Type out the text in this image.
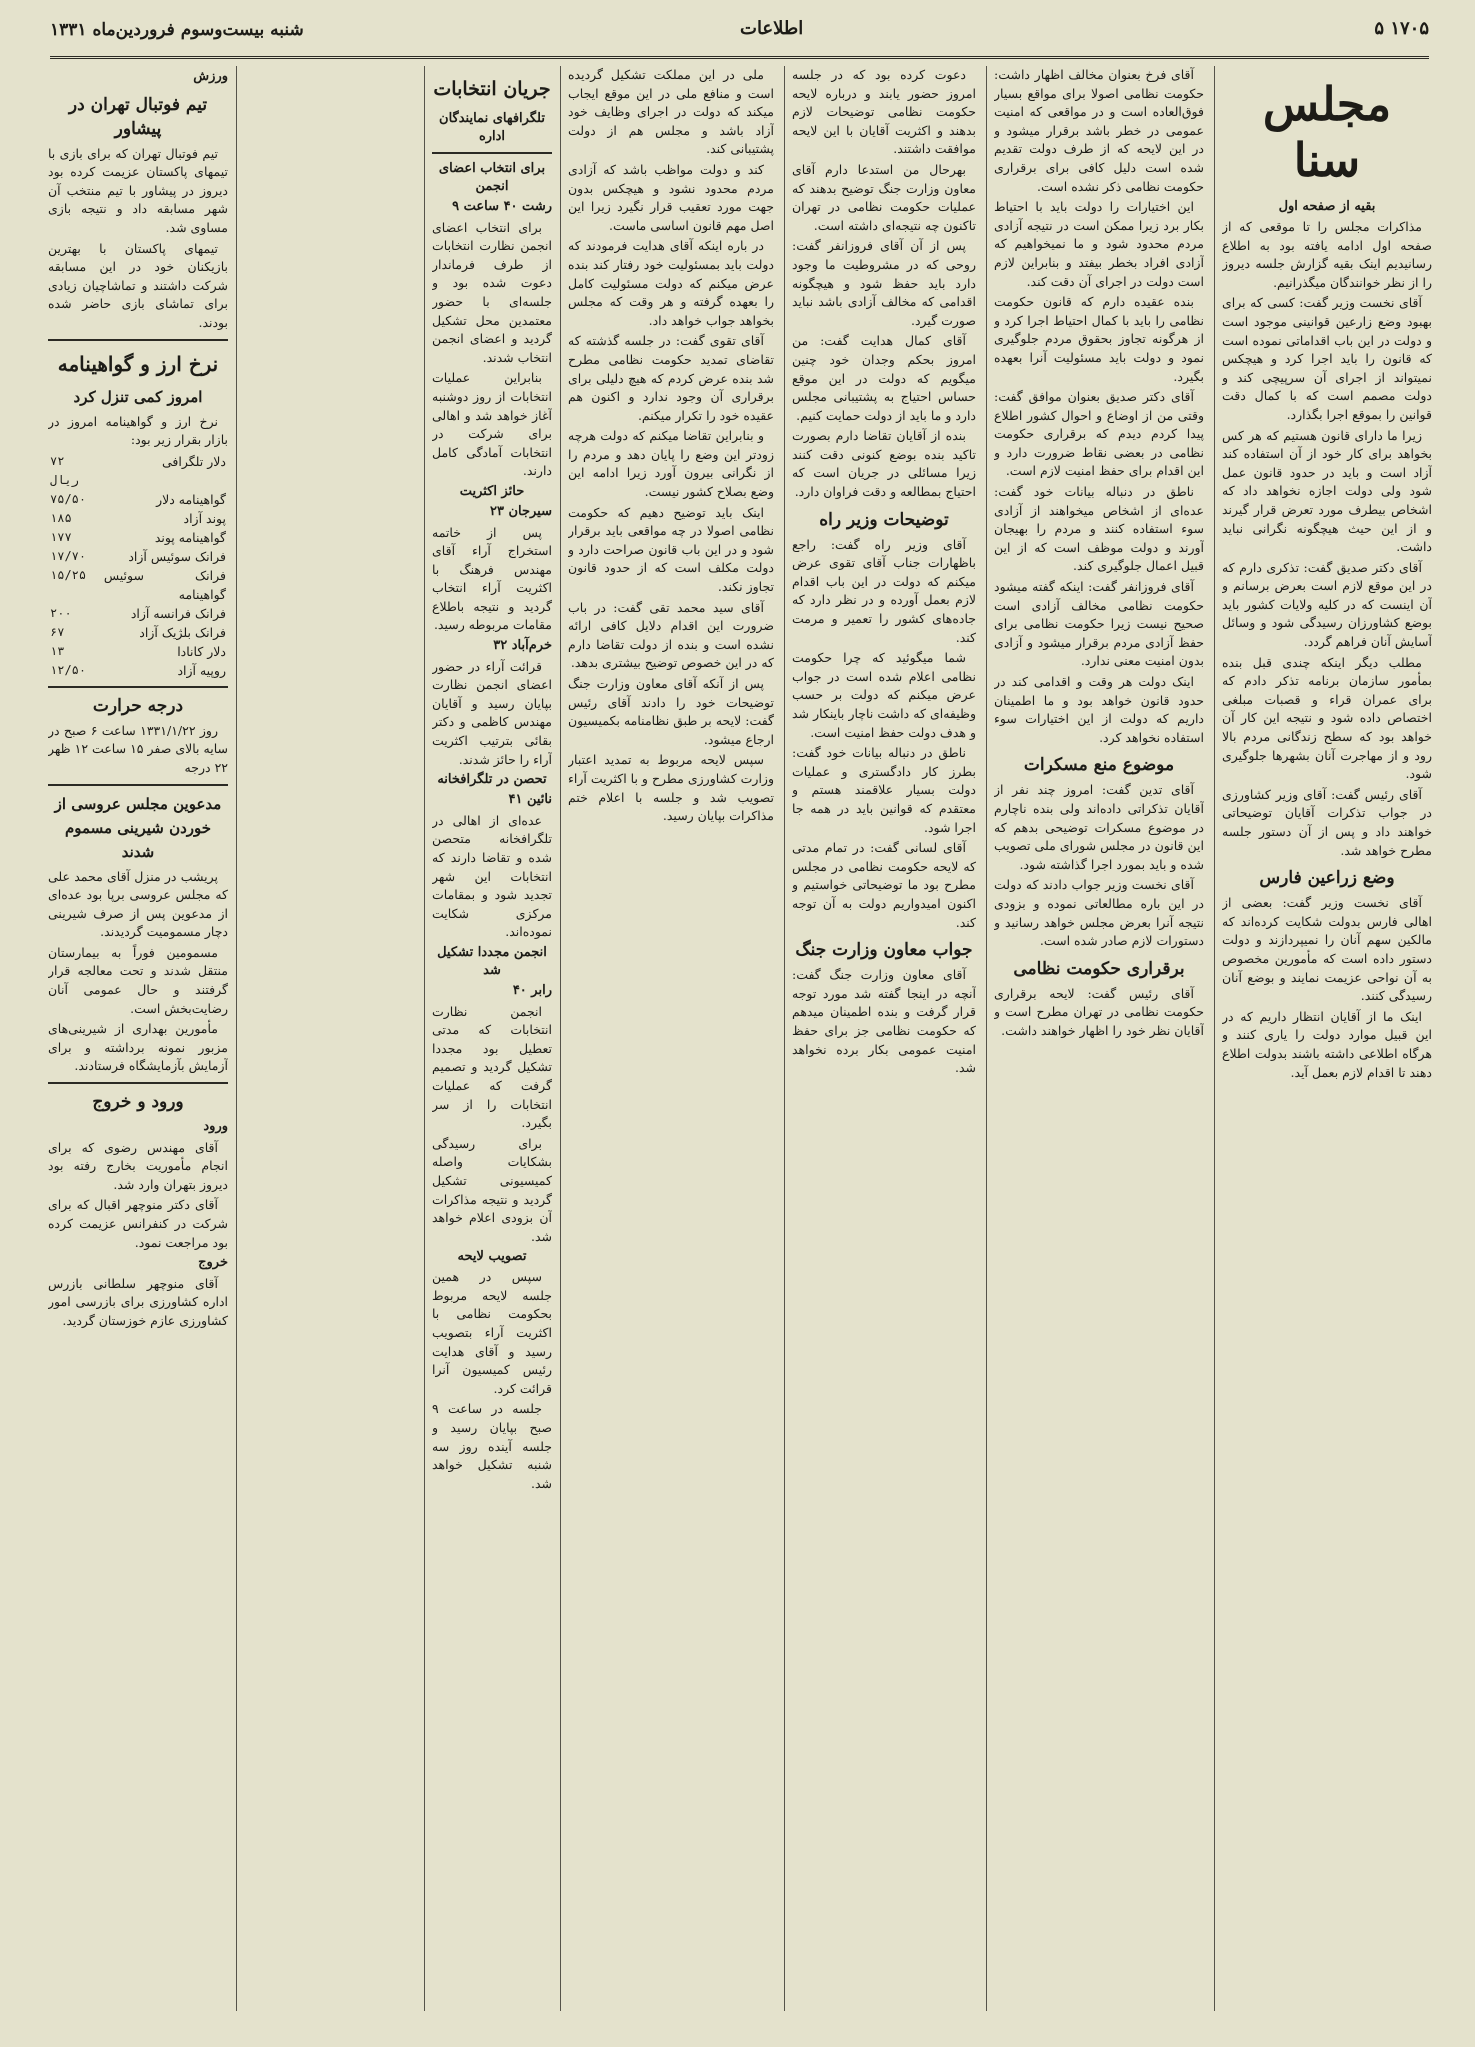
شنبه بیست‌وسوم فروردین‌ماه ۱۳۳۱	اطلاعات	۵ ۱۷۰۵
مجلس سنا
بقیه از صفحه اول

مذاکرات مجلس را تا موقعی که از صفحه اول ادامه یافته بود به اطلاع رسانیدیم اینک بقیه گزارش جلسه دیروز را از نظر خوانندگان میگذرانیم.

آقای نخست وزیر گفت: کسی که برای بهبود وضع زارعین قوانینی موجود است و دولت در این باب اقداماتی نموده است که قانون را باید اجرا کرد و هیچکس نمیتواند از اجرای آن سرپیچی کند و دولت مصمم است که با کمال دقت قوانین را بموقع اجرا بگذارد.

زیرا ما دارای قانون هستیم که هر کس بخواهد برای کار خود از آن استفاده کند آزاد است و باید در حدود قانون عمل شود ولی دولت اجازه نخواهد داد که اشخاص بیطرف مورد تعرض قرار گیرند و از این حیث هیچگونه نگرانی نباید داشت.

آقای دکتر صدیق گفت: تذکری دارم که در این موقع لازم است بعرض برسانم و آن اینست که در کلیه ولایات کشور باید بوضع کشاورزان رسیدگی شود و وسائل آسایش آنان فراهم گردد.

مطلب دیگر اینکه چندی قبل بنده بمأمور سازمان برنامه تذکر دادم که برای عمران قراء و قصبات مبلغی اختصاص داده شود و نتیجه این کار آن خواهد بود که سطح زندگانی مردم بالا رود و از مهاجرت آنان بشهرها جلوگیری شود.

آقای رئیس گفت: آقای وزیر کشاورزی در جواب تذکرات آقایان توضیحاتی خواهند داد و پس از آن دستور جلسه مطرح خواهد شد.

وضع زراعین فارس

آقای نخست وزیر گفت: بعضی از اهالی فارس بدولت شکایت کرده‌اند که مالکین سهم آنان را نمیپردازند و دولت دستور داده است که مأمورین مخصوص به آن نواحی عزیمت نمایند و بوضع آنان رسیدگی کنند.

اینک ما از آقایان انتظار داریم که در این قبیل موارد دولت را یاری کنند و هرگاه اطلاعی داشته باشند بدولت اطلاع دهند تا اقدام لازم بعمل آید.

آقای فرخ بعنوان مخالف اظهار داشت: حکومت نظامی اصولا برای مواقع بسیار فوق‌العاده است و در مواقعی که امنیت عمومی در خطر باشد برقرار میشود و در این لایحه که از طرف دولت تقدیم شده است دلیل کافی برای برقراری حکومت نظامی ذکر نشده است.

این اختیارات را دولت باید با احتیاط بکار برد زیرا ممکن است در نتیجه آزادی مردم محدود شود و ما نمیخواهیم که آزادی افراد بخطر بیفتد و بنابراین لازم است دولت در اجرای آن دقت کند.

بنده عقیده دارم که قانون حکومت نظامی را باید با کمال احتیاط اجرا کرد و از هرگونه تجاوز بحقوق مردم جلوگیری نمود و دولت باید مسئولیت آنرا بعهده بگیرد.

آقای دکتر صدیق بعنوان موافق گفت: وقتی من از اوضاع و احوال کشور اطلاع پیدا کردم دیدم که برقراری حکومت نظامی در بعضی نقاط ضرورت دارد و این اقدام برای حفظ امنیت لازم است.

ناطق در دنباله بیانات خود گفت: عده‌ای از اشخاص میخواهند از آزادی سوء استفاده کنند و مردم را بهیجان آورند و دولت موظف است که از این قبیل اعمال جلوگیری کند.

آقای فروزانفر گفت: اینکه گفته میشود حکومت نظامی مخالف آزادی است صحیح نیست زیرا حکومت نظامی برای حفظ آزادی مردم برقرار میشود و آزادی بدون امنیت معنی ندارد.

اینک دولت هر وقت و اقدامی کند در حدود قانون خواهد بود و ما اطمینان داریم که دولت از این اختیارات سوء استفاده نخواهد کرد.

موضوع منع مسکرات

آقای تدین گفت: امروز چند نفر از آقایان تذکراتی داده‌اند ولی بنده ناچارم در موضوع مسکرات توضیحی بدهم که این قانون در مجلس شورای ملی تصویب شده و باید بمورد اجرا گذاشته شود.

آقای نخست وزیر جواب دادند که دولت در این باره مطالعاتی نموده و بزودی نتیجه آنرا بعرض مجلس خواهد رسانید و دستورات لازم صادر شده است.

برقراری حکومت نظامی

آقای رئیس گفت: لایحه برقراری حکومت نظامی در تهران مطرح است و آقایان نظر خود را اظهار خواهند داشت.

دعوت کرده بود که در جلسه امروز حضور یابند و درباره لایحه حکومت نظامی توضیحات لازم بدهند و اکثریت آقایان با این لایحه موافقت داشتند.

بهرحال من استدعا دارم آقای معاون وزارت جنگ توضیح بدهند که عملیات حکومت نظامی در تهران تاکنون چه نتیجه‌ای داشته است.

پس از آن آقای فروزانفر گفت: روحی که در مشروطیت ما وجود دارد باید حفظ شود و هیچگونه اقدامی که مخالف آزادی باشد نباید صورت گیرد.

آقای کمال هدایت گفت: من امروز بحکم وجدان خود چنین میگویم که دولت در این موقع حساس احتیاج به پشتیبانی مجلس دارد و ما باید از دولت حمایت کنیم.

بنده از آقایان تقاضا دارم بصورت تاکید بنده بوضع کنونی دقت کنند زیرا مسائلی در جریان است که احتیاج بمطالعه و دقت فراوان دارد.

توضیحات وزیر راه

آقای وزیر راه گفت: راجع باظهارات جناب آقای تقوی عرض میکنم که دولت در این باب اقدام لازم بعمل آورده و در نظر دارد که جاده‌های کشور را تعمیر و مرمت کند.

شما میگوئید که چرا حکومت نظامی اعلام شده است در جواب عرض میکنم که دولت بر حسب وظیفه‌ای که داشت ناچار باینکار شد و هدف دولت حفظ امنیت است.

ناطق در دنباله بیانات خود گفت: بطرز کار دادگستری و عملیات دولت بسیار علاقمند هستم و معتقدم که قوانین باید در همه جا اجرا شود.

آقای لسانی گفت: در تمام مدتی که لایحه حکومت نظامی در مجلس مطرح بود ما توضیحاتی خواستیم و اکنون امیدواریم دولت به آن توجه کند.

جواب معاون وزارت جنگ

آقای معاون وزارت جنگ گفت: آنچه در اینجا گفته شد مورد توجه قرار گرفت و بنده اطمینان میدهم که حکومت نظامی جز برای حفظ امنیت عمومی بکار برده نخواهد شد.

ملی در این مملکت تشکیل گردیده است و منافع ملی در این موقع ایجاب میکند که دولت در اجرای وظایف خود آزاد باشد و مجلس هم از دولت پشتیبانی کند.

کند و دولت مواظب باشد که آزادی مردم محدود نشود و هیچکس بدون جهت مورد تعقیب قرار نگیرد زیرا این اصل مهم قانون اساسی ماست.

در باره اینکه آقای هدایت فرمودند که دولت باید بمسئولیت خود رفتار کند بنده عرض میکنم که دولت مسئولیت کامل را بعهده گرفته و هر وقت که مجلس بخواهد جواب خواهد داد.

آقای تقوی گفت: در جلسه گذشته که تقاضای تمدید حکومت نظامی مطرح شد بنده عرض کردم که هیچ دلیلی برای برقراری آن وجود ندارد و اکنون هم عقیده خود را تکرار میکنم.

و بنابراین تقاضا میکنم که دولت هرچه زودتر این وضع را پایان دهد و مردم را از نگرانی بیرون آورد زیرا ادامه این وضع بصلاح کشور نیست.

اینک باید توضیح دهیم که حکومت نظامی اصولا در چه مواقعی باید برقرار شود و در این باب قانون صراحت دارد و دولت مکلف است که از حدود قانون تجاوز نکند.

آقای سید محمد تقی گفت: در باب ضرورت این اقدام دلایل کافی ارائه نشده است و بنده از دولت تقاضا دارم که در این خصوص توضیح بیشتری بدهد.

پس از آنکه آقای معاون وزارت جنگ توضیحات خود را دادند آقای رئیس گفت: لایحه بر طبق نظامنامه بکمیسیون ارجاع میشود.

سپس لایحه مربوط به تمدید اعتبار وزارت کشاورزی مطرح و با اکثریت آراء تصویب شد و جلسه با اعلام ختم مذاکرات بپایان رسید.

جریان انتخابات
تلگرافهای نمایندگان اداره
برای انتخاب اعضای انجمن
رشت ۴۰ ساعت ۹

برای انتخاب اعضای انجمن نظارت انتخابات از طرف فرماندار دعوت شده بود و جلسه‌ای با حضور معتمدین محل تشکیل گردید و اعضای انجمن انتخاب شدند.

بنابراین عملیات انتخابات از روز دوشنبه آغاز خواهد شد و اهالی برای شرکت در انتخابات آمادگی کامل دارند.

حائز اکثریت
سیرجان ۲۳

پس از خاتمه استخراج آراء آقای مهندس فرهنگ با اکثریت آراء انتخاب گردید و نتیجه باطلاع مقامات مربوطه رسید.

خرم‌آباد ۳۲

قرائت آراء در حضور اعضای انجمن نظارت بپایان رسید و آقایان مهندس کاظمی و دکتر بقائی بترتیب اکثریت آراء را حائز شدند.

تحصن در تلگرافخانه
نائین ۴۱

عده‌ای از اهالی در تلگرافخانه متحصن شده و تقاضا دارند که انتخابات این شهر تجدید شود و بمقامات مرکزی شکایت نموده‌اند.

انجمن مجددا تشکیل شد
رابر ۴۰

انجمن نظارت انتخابات که مدتی تعطیل بود مجددا تشکیل گردید و تصمیم گرفت که عملیات انتخابات را از سر بگیرد.

برای رسیدگی بشکایات واصله کمیسیونی تشکیل گردید و نتیجه مذاکرات آن بزودی اعلام خواهد شد.

تصویب لایحه

سپس در همین جلسه لایحه مربوط بحکومت نظامی با اکثریت آراء بتصویب رسید و آقای هدایت رئیس کمیسیون آنرا قرائت کرد.

جلسه در ساعت ۹ صبح بپایان رسید و جلسه آینده روز سه شنبه تشکیل خواهد شد.

ورزش
تیم فوتبال تهران در پیشاور

تیم فوتبال تهران که برای بازی با تیمهای پاکستان عزیمت کرده بود دیروز در پیشاور با تیم منتخب آن شهر مسابقه داد و نتیجه بازی مساوی شد.

تیمهای پاکستان با بهترین بازیکنان خود در این مسابقه شرکت داشتند و تماشاچیان زیادی برای تماشای بازی حاضر شده بودند.

نرخ ارز و گواهینامه
امروز کمی تنزل کرد

نرخ ارز و گواهینامه امروز در بازار بقرار زیر بود:

دلار تلگرافی	۷۲ ریال
گواهینامه دلار	۷۵/۵۰
پوند آزاد	۱۸۵
گواهینامه پوند	۱۷۷
فرانک سوئیس آزاد	۱۷/۷۰
فرانک سوئیس گواهینامه	۱۵/۲۵
فرانک فرانسه آزاد	۲۰۰
فرانک بلژیک آزاد	۶۷
دلار کانادا	۱۳
روپیه آزاد	۱۲/۵۰
درجه حرارت

روز ۱۳۳۱/۱/۲۲ ساعت ۶ صبح در سایه بالای صفر ۱۵ ساعت ۱۲ ظهر ۲۲ درجه

مدعوین مجلس عروسی از خوردن شیرینی مسموم شدند

پریشب در منزل آقای محمد علی که مجلس عروسی برپا بود عده‌ای از مدعوین پس از صرف شیرینی دچار مسمومیت گردیدند.

مسمومین فوراً به بیمارستان منتقل شدند و تحت معالجه قرار گرفتند و حال عمومی آنان رضایت‌بخش است.

مأمورین بهداری از شیرینی‌های مزبور نمونه برداشته و برای آزمایش بآزمایشگاه فرستادند.

ورود و خروج
ورود

آقای مهندس رضوی که برای انجام مأموریت بخارج رفته بود دیروز بتهران وارد شد.

آقای دکتر منوچهر اقبال که برای شرکت در کنفرانس عزیمت کرده بود مراجعت نمود.

خروج

آقای منوچهر سلطانی بازرس اداره کشاورزی برای بازرسی امور کشاورزی عازم خوزستان گردید.
